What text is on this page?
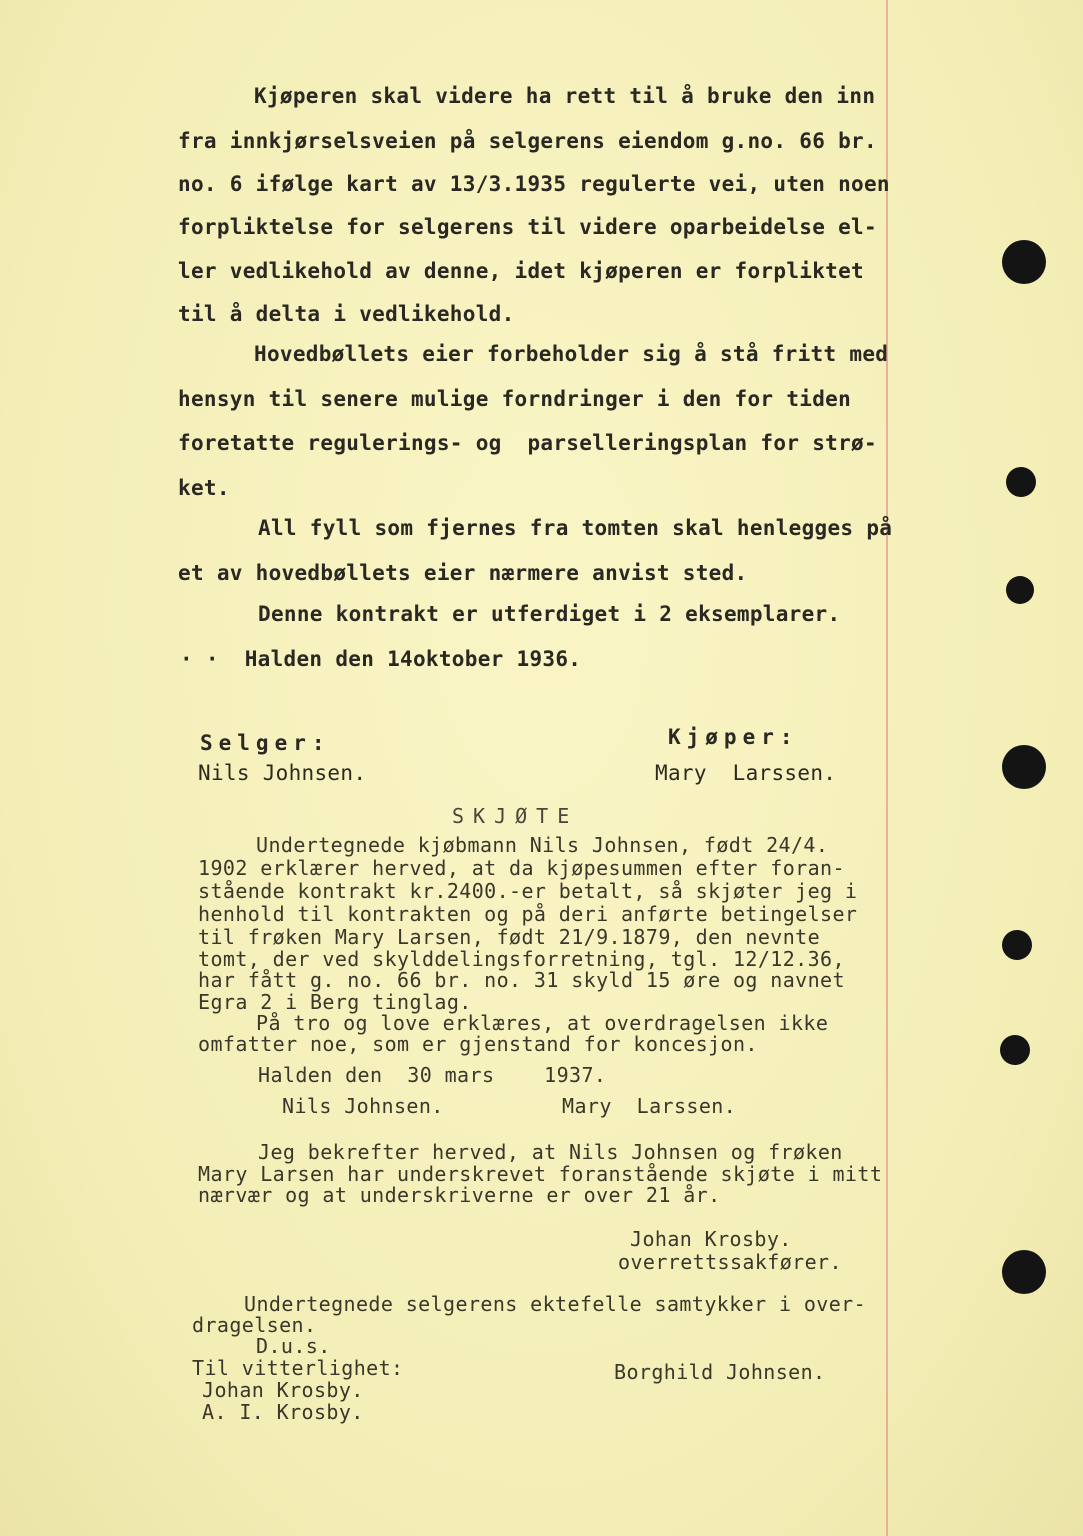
Kjøperen skal videre ha rett til å bruke den inn
fra innkjørselsveien på selgerens eiendom g.no. 66 br.
no. 6 ifølge kart av 13/3.1935 regulerte vei, uten noen
forpliktelse for selgerens til videre oparbeidelse el-
ler vedlikehold av denne, idet kjøperen er forpliktet
til å delta i vedlikehold.
Hovedbøllets eier forbeholder sig å stå fritt med
hensyn til senere mulige forndringer i den for tiden
foretatte regulerings- og  parselleringsplan for strø-
ket.
All fyll som fjernes fra tomten skal henlegges på
et av hovedbøllets eier nærmere anvist sted.
Denne kontrakt er utferdiget i 2 eksemplarer.
· ·  Halden den 14oktober 1936.
Selger:	Kjøper:
Nils Johnsen.	Mary  Larssen.
SKJØTE
Undertegnede kjøbmann Nils Johnsen, født 24/4.
1902 erklærer herved, at da kjøpesummen efter foran-
stående kontrakt kr.2400.-er betalt, så skjøter jeg i
henhold til kontrakten og på deri anførte betingelser
til frøken Mary Larsen, født 21/9.1879, den nevnte
tomt, der ved skylddelingsforretning, tgl. 12/12.36,
har fått g. no. 66 br. no. 31 skyld 15 øre og navnet
Egra 2 i Berg tinglag.
På tro og love erklæres, at overdragelsen ikke
omfatter noe, som er gjenstand for koncesjon.
Halden den  30 mars    1937.
Nils Johnsen.	Mary  Larssen.
Jeg bekrefter herved, at Nils Johnsen og frøken
Mary Larsen har underskrevet foranstående skjøte i mitt
nærvær og at underskriverne er over 21 år.
Johan Krosby.
overrettssakfører.
Undertegnede selgerens ektefelle samtykker i over-
dragelsen.
D.u.s.
Til vitterlighet:	Borghild Johnsen.
Johan Krosby.
A. I. Krosby.
